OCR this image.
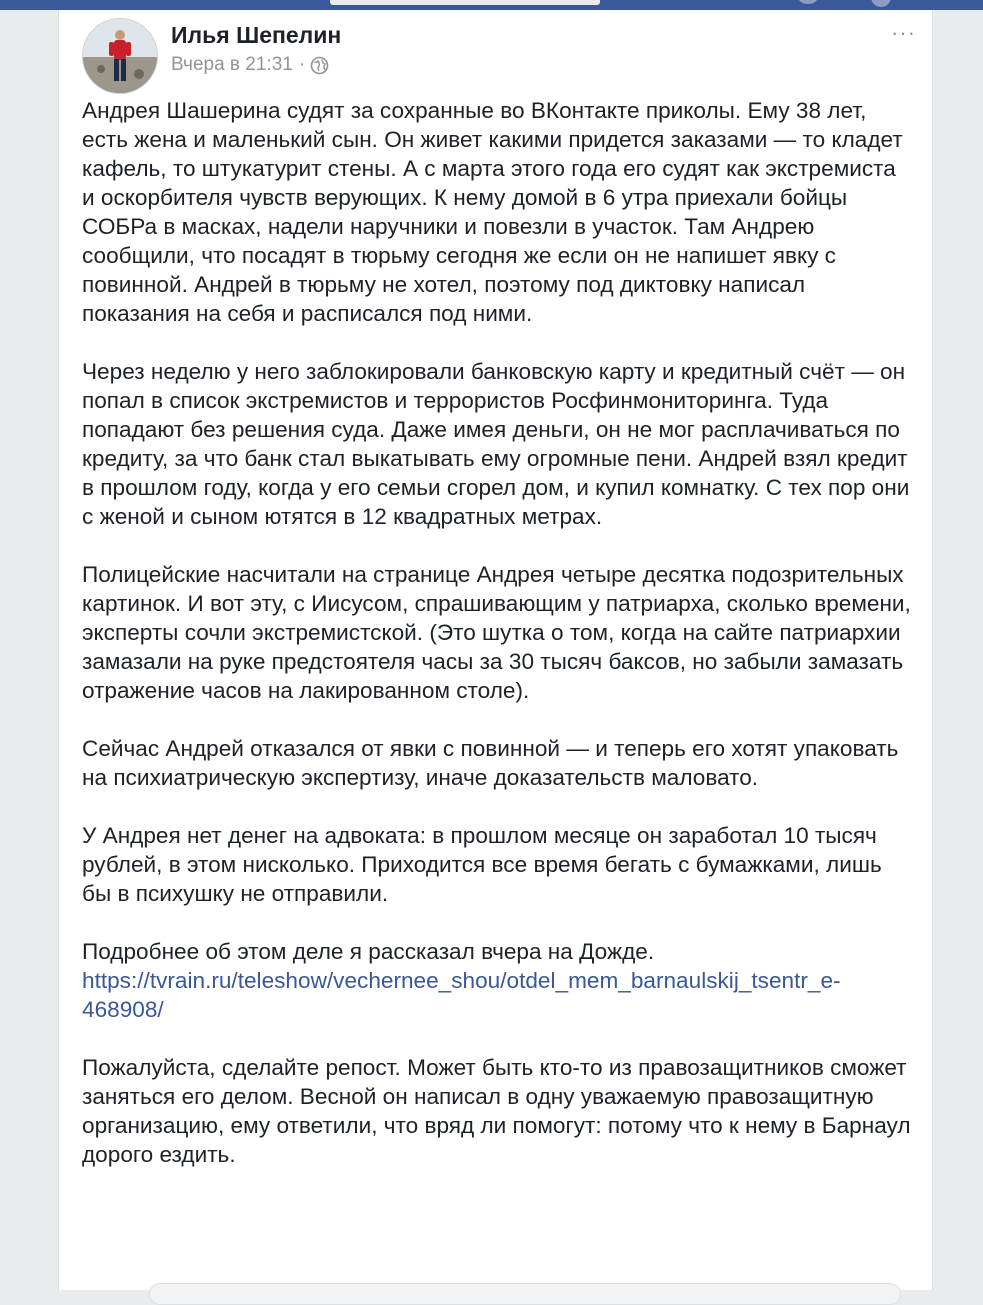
Илья Шепелин
Вчера в 21:31 ·
···

Андрея Шашерина судят за сохранные во ВКонтакте приколы. Ему 38 лет, есть жена и маленький сын. Он живет какими придется заказами — то кладет кафель, то штукатурит стены. А с марта этого года его судят как экстремиста и оскорбителя чувств верующих. К нему домой в 6 утра приехали бойцы СОБРа в масках, надели наручники и повезли в участок. Там Андрею сообщили, что посадят в тюрьму сегодня же если он не напишет явку с повинной. Андрей в тюрьму не хотел, поэтому под диктовку написал показания на себя и расписался под ними.

Через неделю у него заблокировали банковскую карту и кредитный счёт — он попал в список экстремистов и террористов Росфинмониторинга. Туда попадают без решения суда. Даже имея деньги, он не мог расплачиваться по кредиту, за что банк стал выкатывать ему огромные пени. Андрей взял кредит в прошлом году, когда у его семьи сгорел дом, и купил комнатку. С тех пор они с женой и сыном ютятся в 12 квадратных метрах.

Полицейские насчитали на странице Андрея четыре десятка подозрительных картинок. И вот эту, с Иисусом, спрашивающим у патриарха, сколько времени, эксперты сочли экстремистской. (Это шутка о том, когда на сайте патриархии замазали на руке предстоятеля часы за 30 тысяч баксов, но забыли замазать отражение часов на лакированном столе).

Сейчас Андрей отказался от явки с повинной — и теперь его хотят упаковать на психиатрическую экспертизу, иначе доказательств маловато.

У Андрея нет денег на адвоката: в прошлом месяце он заработал 10 тысяч рублей, в этом нисколько. Приходится все время бегать с бумажками, лишь бы в психушку не отправили.

Подробнее об этом деле я рассказал вчера на Дожде. https://tvrain.ru/teleshow/vechernee_shou/otdel_mem_barnaulskij_tsentr_e-468908/

Пожалуйста, сделайте репост. Может быть кто-то из правозащитников сможет заняться его делом. Весной он написал в одну уважаемую правозащитную организацию, ему ответили, что вряд ли помогут: потому что к нему в Барнаул дорого ездить.
